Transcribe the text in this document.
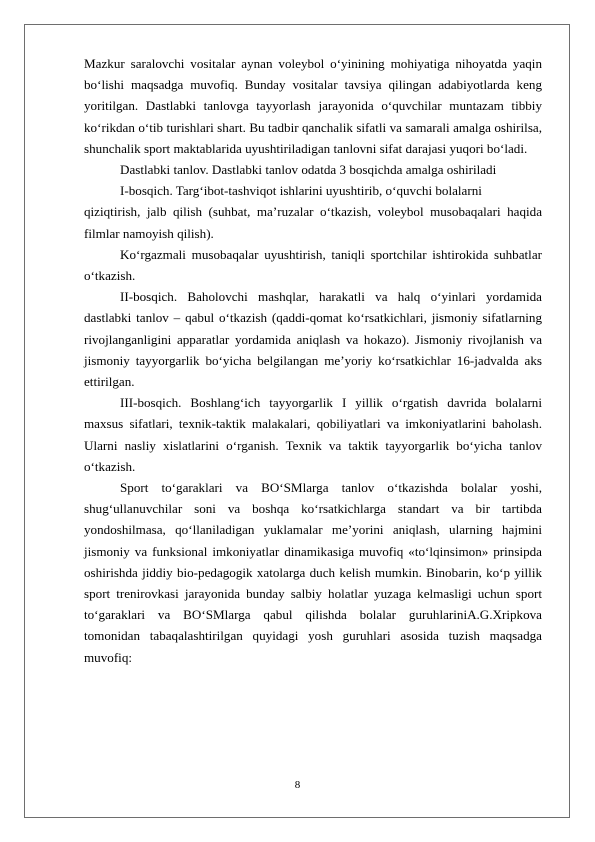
Mazkur saralovchi vositalar aynan voleybol o‘yinining mohiyatiga nihoyatda yaqin bo‘lishi maqsadga muvofiq. Bunday vositalar tavsiya qilingan adabiyotlarda keng yoritilgan. Dastlabki tanlovga tayyorlash jarayonida o‘quvchilar muntazam tibbiy ko‘rikdan o‘tib turishlari shart. Bu tadbir qanchalik sifatli va samarali amalga oshirilsa, shunchalik sport maktablarida uyushtiriladigan tanlovni sifat darajasi yuqori bo‘ladi.

Dastlabki tanlov. Dastlabki tanlov odatda 3 bosqichda amalga oshiriladi

I-bosqich. Targ‘ibot-tashviqot ishlarini uyushtirib, o‘quvchi bolalarni

qiziqtirish, jalb qilish (suhbat, ma’ruzalar o‘tkazish, voleybol musobaqalari haqida filmlar namoyish qilish).

Ko‘rgazmali musobaqalar uyushtirish, taniqli sportchilar ishtirokida suhbatlar o‘tkazish.

II-bosqich. Baholovchi mashqlar, harakatli va halq o‘yinlari yordamida dastlabki tanlov – qabul o‘tkazish (qaddi-qomat ko‘rsatkichlari, jismoniy sifatlarning rivojlanganligini apparatlar yordamida aniqlash va hokazo). Jismoniy rivojlanish va jismoniy tayyorgarlik bo‘yicha belgilangan me’yoriy ko‘rsatkichlar 16-jadvalda aks ettirilgan.

III-bosqich. Boshlang‘ich tayyorgarlik I yillik o‘rgatish davrida bolalarni maxsus sifatlari, texnik-taktik malakalari, qobiliyatlari va imkoniyatlarini baholash. Ularni nasliy xislatlarini o‘rganish. Texnik va taktik tayyorgarlik bo‘yicha tanlov o‘tkazish.

Sport to‘garaklari va BO‘SMlarga tanlov o‘tkazishda bolalar yoshi, shug‘ullanuvchilar soni va boshqa ko‘rsatkichlarga standart va bir tartibda yondoshilmasa, qo‘llaniladigan yuklamalar me’yorini aniqlash, ularning hajmini jismoniy va funksional imkoniyatlar dinamikasiga muvofiq «to‘lqinsimon» prinsipda oshirishda jiddiy bio-pedagogik xatolarga duch kelish mumkin. Binobarin, ko‘p yillik sport trenirovkasi jarayonida bunday salbiy holatlar yuzaga kelmasligi uchun sport to‘garaklari va BO‘SMlarga qabul qilishda bolalar guruhlariniA.G.Xripkova tomonidan tabaqalashtirilgan quyidagi yosh guruhlari asosida tuzish maqsadga muvofiq:

8
